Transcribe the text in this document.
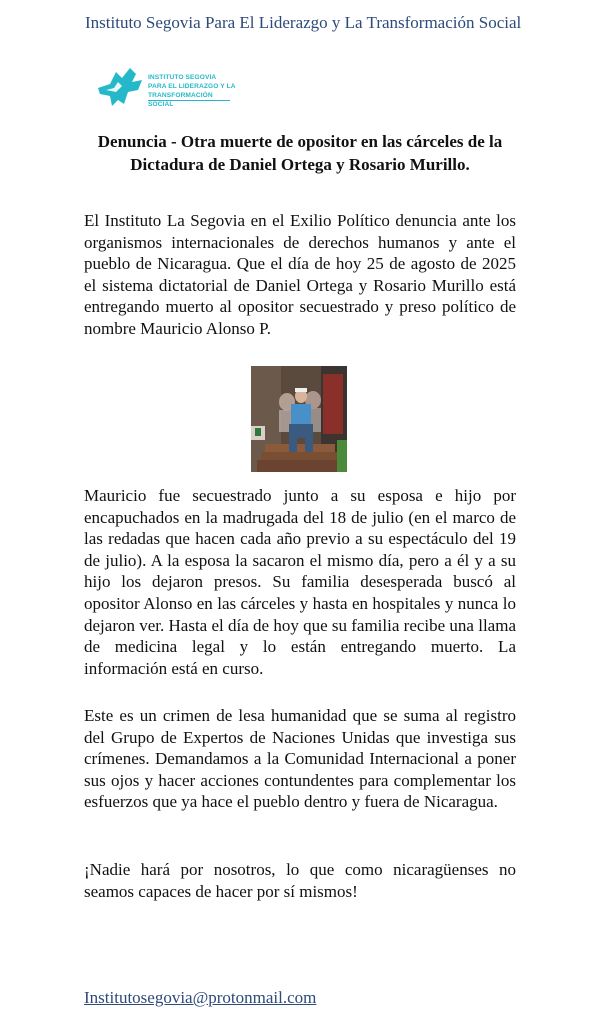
Instituto Segovia Para El Liderazgo y La Transformación Social
INSTITUTO SEGOVIA
PARA EL LIDERAZGO Y LA
TRANSFORMACIÓN SOCIAL
Denuncia - Otra muerte de opositor en las cárceles de la Dictadura de Daniel Ortega y Rosario Murillo.

El Instituto La Segovia en el Exilio Político denuncia ante los organismos internacionales de derechos humanos y ante el pueblo de Nicaragua. Que el día de hoy 25 de agosto de 2025 el sistema dictatorial de Daniel Ortega y Rosario Murillo está entregando muerto al opositor secuestrado y preso político de nombre Mauricio Alonso P.

Mauricio fue secuestrado junto a su esposa e hijo por encapuchados en la madrugada del 18 de julio (en el marco de las redadas que hacen cada año previo a su espectáculo del 19 de julio). A la esposa la sacaron el mismo día, pero a él y a su hijo los dejaron presos. Su familia desesperada buscó al opositor Alonso en las cárceles y hasta en hospitales y nunca lo dejaron ver. Hasta el día de hoy que su familia recibe una llama de medicina legal y lo están entregando muerto. La información está en curso.

Este es un crimen de lesa humanidad que se suma al registro del Grupo de Expertos de Naciones Unidas que investiga sus crímenes. Demandamos a la Comunidad Internacional a poner sus ojos y hacer acciones contundentes para complementar los esfuerzos que ya hace el pueblo dentro y fuera de Nicaragua.

¡Nadie hará por nosotros, lo que como nicaragüenses no seamos capaces de hacer por sí mismos!

Institutosegovia@protonmail.com
